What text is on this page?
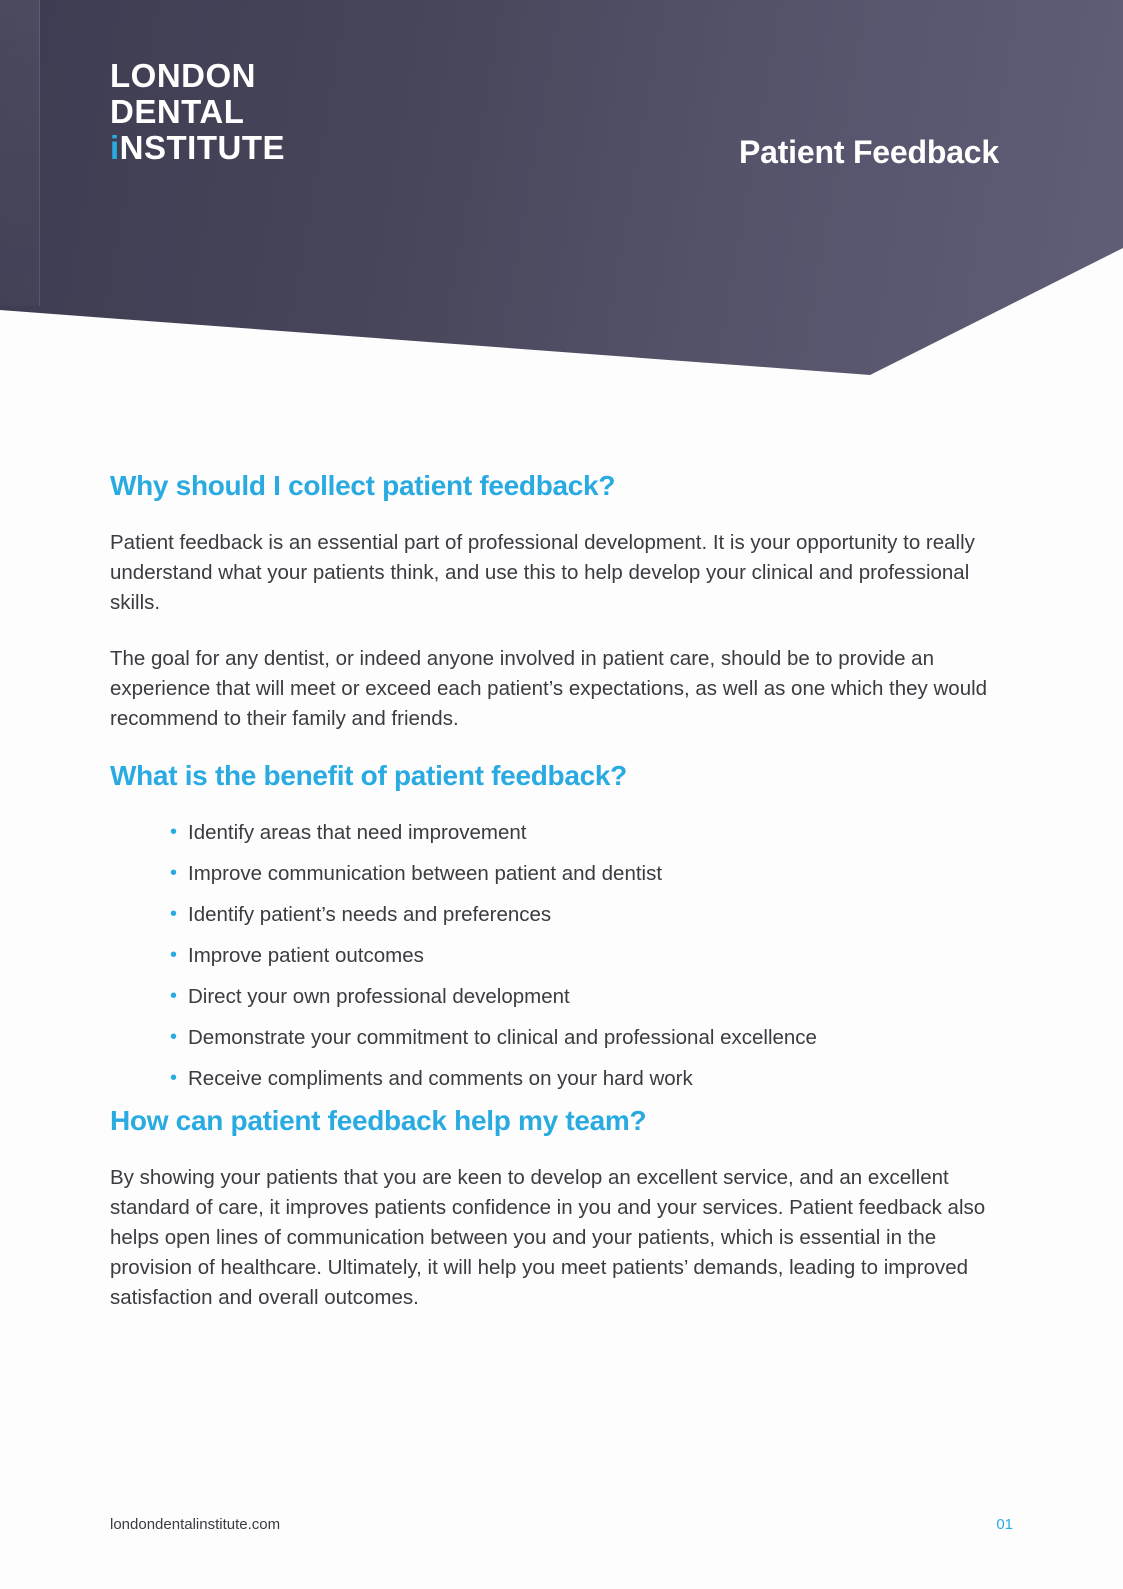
LONDON
DENTAL
iNSTITUTE	Patient Feedback
Why should I collect patient feedback?

Patient feedback is an essential part of professional development. It is your opportunity to really understand what your patients think, and use this to help develop your clinical and professional skills.

The goal for any dentist, or indeed anyone involved in patient care, should be to provide an experience that will meet or exceed each patient’s expectations, as well as one which they would recommend to their family and friends.

What is the benefit of patient feedback?
• Identify areas that need improvement
• Improve communication between patient and dentist
• Identify patient’s needs and preferences
• Improve patient outcomes
• Direct your own professional development
• Demonstrate your commitment to clinical and professional excellence
• Receive compliments and comments on your hard work
How can patient feedback help my team?

By showing your patients that you are keen to develop an excellent service, and an excellent standard of care, it improves patients confidence in you and your services. Patient feedback also helps open lines of communication between you and your patients, which is essential in the provision of healthcare. Ultimately, it will help you meet patients’ demands, leading to improved satisfaction and overall outcomes.

londondentalinstitute.com	01
